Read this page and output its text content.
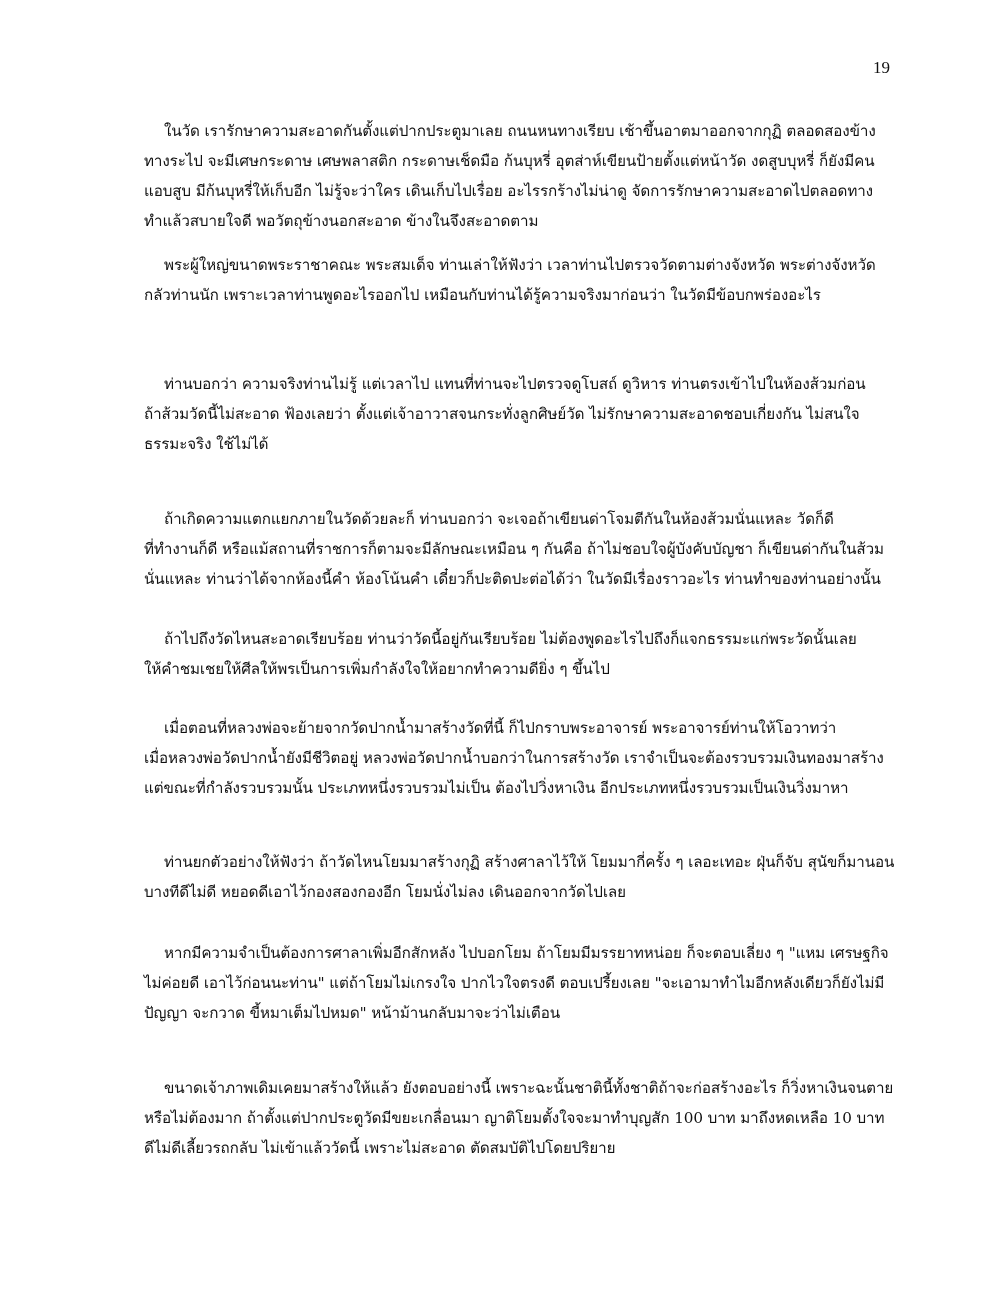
19
ในวัด เรารักษาความสะอาดกันตั้งแต่ปากประตูมาเลย ถนนหนทางเรียบ เช้าขึ้นอาตมาออกจากกุฏิ ตลอดสองข้าง
ทางระไป จะมีเศษกระดาษ เศษพลาสติก กระดาษเช็ดมือ ก้นบุหรี่ อุตส่าห์เขียนป้ายตั้งแต่หน้าวัด งดสูบบุหรี่ ก็ยังมีคน
แอบสูบ มีก้นบุหรี่ให้เก็บอีก ไม่รู้จะว่าใคร เดินเก็บไปเรื่อย อะไรรกร้างไม่น่าดู จัดการรักษาความสะอาดไปตลอดทาง
ทำแล้วสบายใจดี พอวัตถุข้างนอกสะอาด ข้างในจึงสะอาดตาม
พระผู้ใหญ่ขนาดพระราชาคณะ พระสมเด็จ ท่านเล่าให้ฟังว่า เวลาท่านไปตรวจวัดตามต่างจังหวัด พระต่างจังหวัด
กลัวท่านนัก เพราะเวลาท่านพูดอะไรออกไป เหมือนกับท่านได้รู้ความจริงมาก่อนว่า ในวัดมีข้อบกพร่องอะไร
ท่านบอกว่า ความจริงท่านไม่รู้ แต่เวลาไป แทนที่ท่านจะไปตรวจดูโบสถ์ ดูวิหาร ท่านตรงเข้าไปในห้องส้วมก่อน
ถ้าส้วมวัดนี้ไม่สะอาด ฟ้องเลยว่า ตั้งแต่เจ้าอาวาสจนกระทั่งลูกศิษย์วัด ไม่รักษาความสะอาดชอบเกี่ยงกัน ไม่สนใจ
ธรรมะจริง ใช้ไม่ได้
ถ้าเกิดความแตกแยกภายในวัดด้วยละก็ ท่านบอกว่า จะเจอถ้าเขียนด่าโจมตีกันในห้องส้วมนั่นแหละ วัดก็ดี
ที่ทำงานก็ดี หรือแม้สถานที่ราชการก็ตามจะมีลักษณะเหมือน ๆ กันคือ ถ้าไม่ชอบใจผู้บังคับบัญชา ก็เขียนด่ากันในส้วม
นั่นแหละ ท่านว่าได้จากห้องนี้คำ ห้องโน้นคำ เดี๋ยวก็ปะติดปะต่อได้ว่า ในวัดมีเรื่องราวอะไร ท่านทำของท่านอย่างนั้น
ถ้าไปถึงวัดไหนสะอาดเรียบร้อย ท่านว่าวัดนี้อยู่กันเรียบร้อย ไม่ต้องพูดอะไรไปถึงก็แจกธรรมะแก่พระวัดนั้นเลย
ให้คำชมเชยให้ศีลให้พรเป็นการเพิ่มกำลังใจให้อยากทำความดียิ่ง ๆ ขึ้นไป
เมื่อตอนที่หลวงพ่อจะย้ายจากวัดปากน้ำมาสร้างวัดที่นี้ ก็ไปกราบพระอาจารย์ พระอาจารย์ท่านให้โอวาทว่า
เมื่อหลวงพ่อวัดปากน้ำยังมีชีวิตอยู่ หลวงพ่อวัดปากน้ำบอกว่าในการสร้างวัด เราจำเป็นจะต้องรวบรวมเงินทองมาสร้าง
แต่ขณะที่กำลังรวบรวมนั้น ประเภทหนึ่งรวบรวมไม่เป็น ต้องไปวิ่งหาเงิน อีกประเภทหนึ่งรวบรวมเป็นเงินวิ่งมาหา
ท่านยกตัวอย่างให้ฟังว่า ถ้าวัดไหนโยมมาสร้างกุฏิ สร้างศาลาไว้ให้ โยมมากี่ครั้ง ๆ เลอะเทอะ ฝุ่นก็จับ สุนัขก็มานอน
บางทีดีไม่ดี หยอดดีเอาไว้กองสองกองอีก โยมนั่งไม่ลง เดินออกจากวัดไปเลย
หากมีความจำเป็นต้องการศาลาเพิ่มอีกสักหลัง ไปบอกโยม ถ้าโยมมีมรรยาทหน่อย ก็จะตอบเลี่ยง ๆ "แหม เศรษฐกิจ
ไม่ค่อยดี เอาไว้ก่อนนะท่าน" แต่ถ้าโยมไม่เกรงใจ ปากไวใจตรงดี ตอบเปรี้ยงเลย "จะเอามาทำไมอีกหลังเดียวก็ยังไม่มี
ปัญญา จะกวาด ขี้หมาเต็มไปหมด" หน้าม้านกลับมาจะว่าไม่เตือน
ขนาดเจ้าภาพเดิมเคยมาสร้างให้แล้ว ยังตอบอย่างนี้ เพราะฉะนั้นชาตินี้ทั้งชาติถ้าจะก่อสร้างอะไร ก็วิ่งหาเงินจนตาย
หรือไม่ต้องมาก ถ้าตั้งแต่ปากประตูวัดมีขยะเกลื่อนมา ญาติโยมตั้งใจจะมาทำบุญสัก 100 บาท มาถึงหดเหลือ 10 บาท
ดีไม่ดีเลี้ยวรถกลับ ไม่เข้าแล้ววัดนี้ เพราะไม่สะอาด ตัดสมบัติไปโดยปริยาย
